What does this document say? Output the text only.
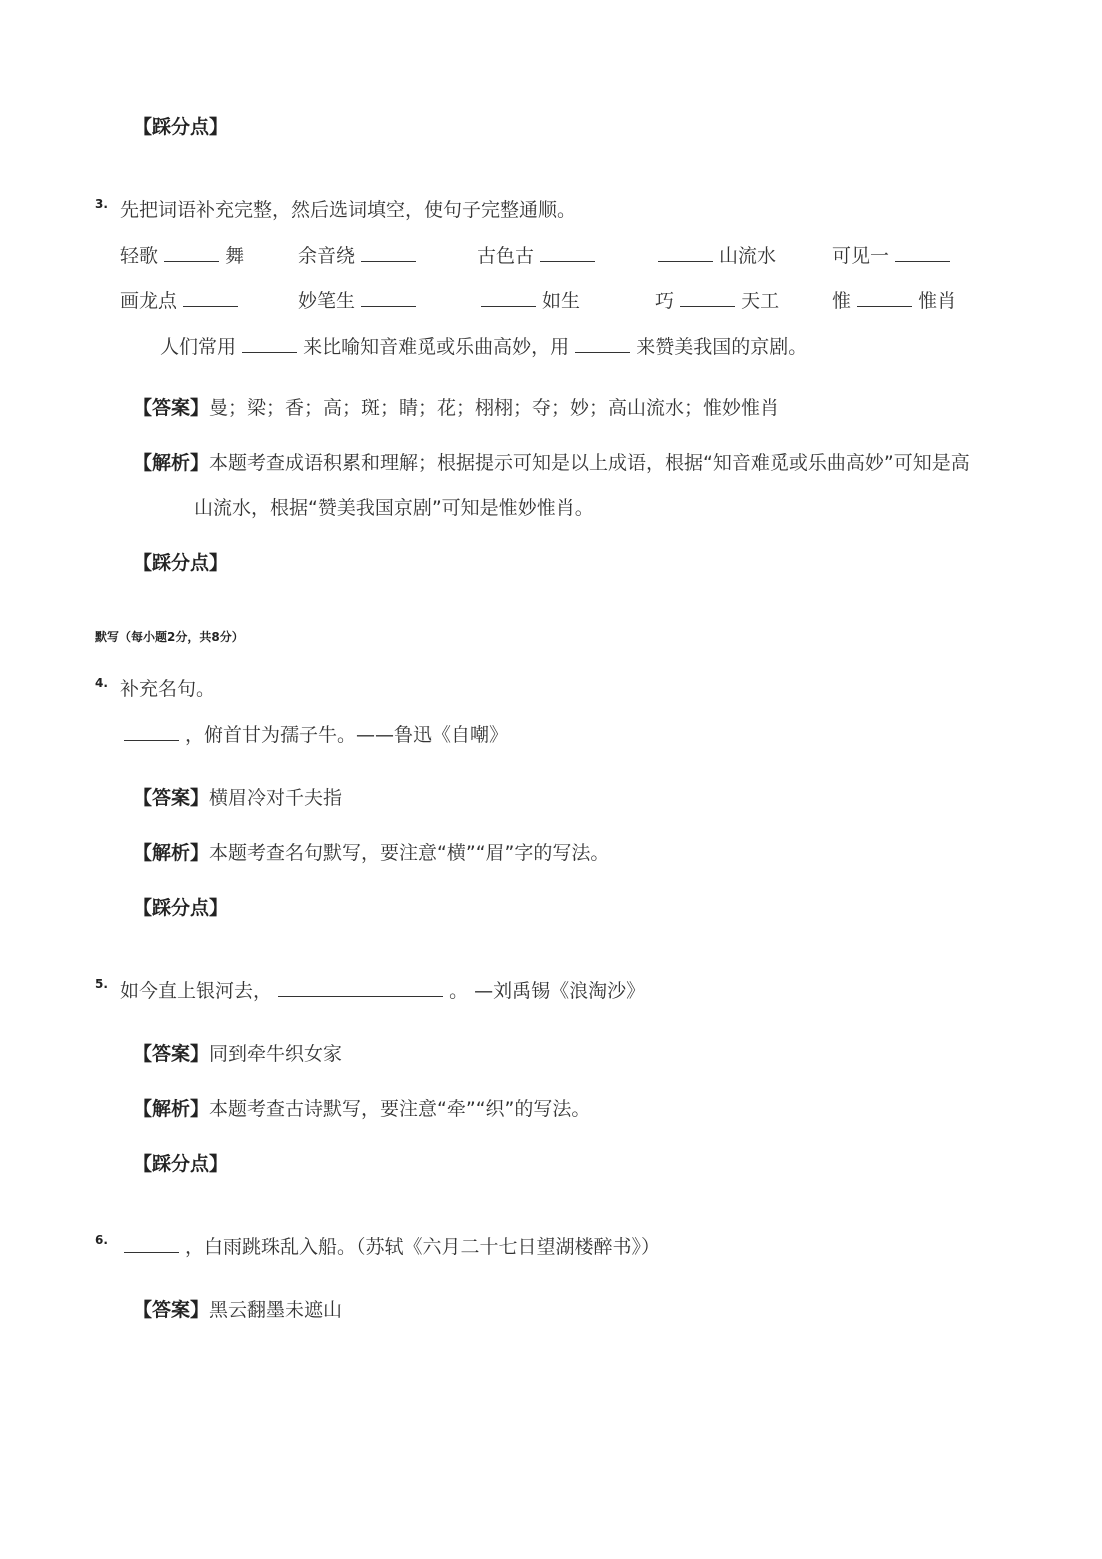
【踩分点】
3. 先把词语补充完整，然后选词填空，使句子完整通顺。
轻歌	舞	余音绕	古色古	山流水	可见一
画龙点	妙笔生	如生	巧	天工	惟	惟肖
人们常用	来比喻知音难觅或乐曲高妙，用	来赞美我国的京剧。
【答案】曼；梁；香；高；斑；睛；花；栩栩；夺；妙；高山流水；惟妙惟肖
【解析】本题考查成语积累和理解；根据提示可知是以上成语，根据“知音难觅或乐曲高妙”可知是高
山流水，根据“赞美我国京剧”可知是惟妙惟肖。
【踩分点】
默写（每小题2分，共8分）
4. 补充名句。
，俯首甘为孺子牛。——鲁迅《自嘲》
【答案】横眉冷对千夫指
【解析】本题考查名句默写，要注意“横”“眉”字的写法。
【踩分点】
5. 如今直上银河去，	。 —刘禹锡《浪淘沙》
【答案】同到牵牛织女家
【解析】本题考查古诗默写，要注意“牵”“织”的写法。
【踩分点】
6.	，白雨跳珠乱入船。（苏轼《六月二十七日望湖楼醉书》）
【答案】黑云翻墨未遮山
